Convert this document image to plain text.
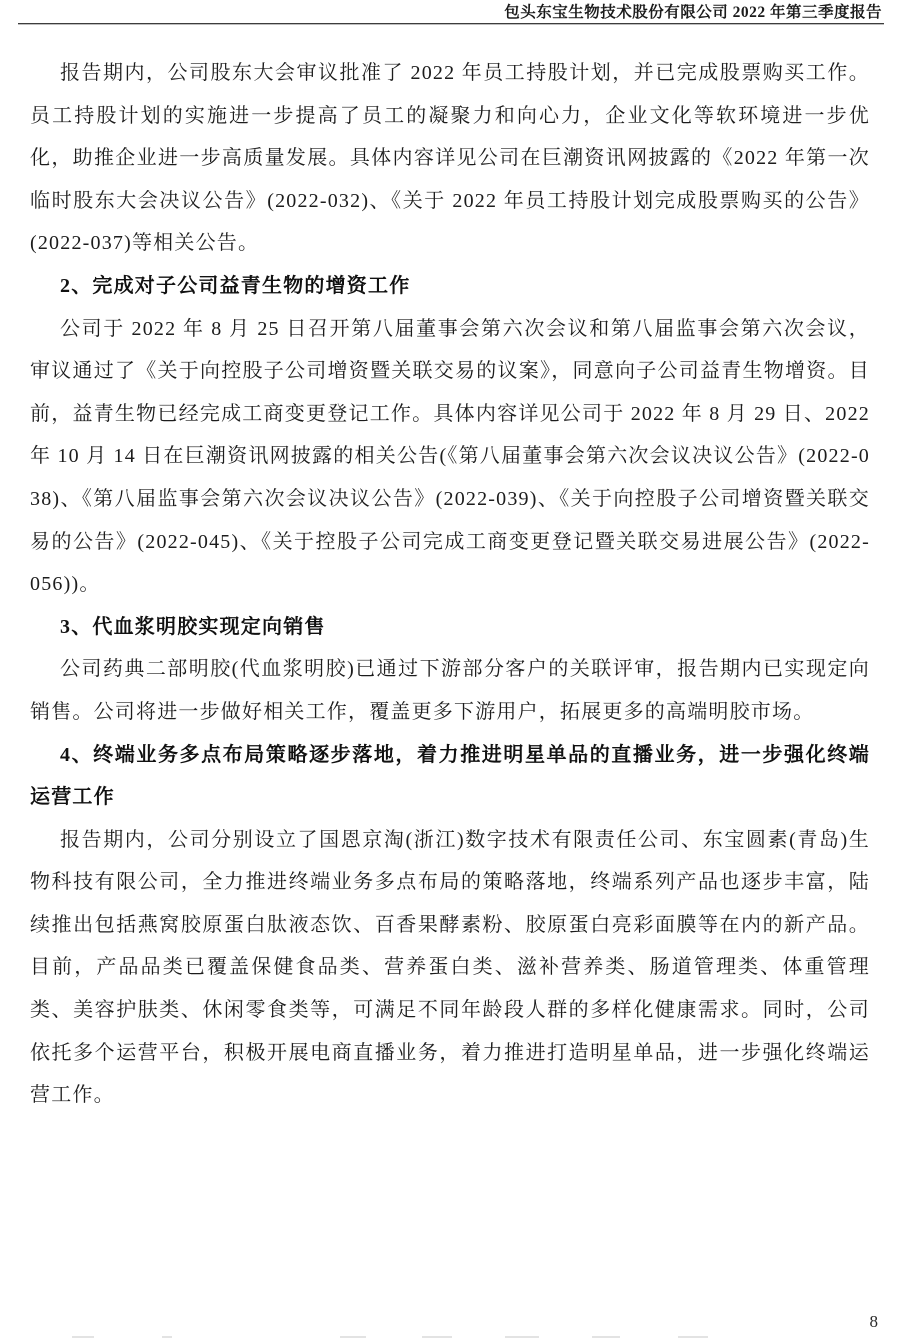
包头东宝生物技术股份有限公司 2022 年第三季度报告

报告期内，公司股东大会审议批准了 2022 年员工持股计划，并已完成股票购买工作。员工持股计划的实施进一步提高了员工的凝聚力和向心力，企业文化等软环境进一步优化，助推企业进一步高质量发展。具体内容详见公司在巨潮资讯网披露的《2022 年第一次临时股东大会决议公告》(2022-032)、《关于 2022 年员工持股计划完成股票购买的公告》(2022-037)等相关公告。

2、完成对子公司益青生物的增资工作

公司于 2022 年 8 月 25 日召开第八届董事会第六次会议和第八届监事会第六次会议，审议通过了《关于向控股子公司增资暨关联交易的议案》，同意向子公司益青生物增资。目前，益青生物已经完成工商变更登记工作。具体内容详见公司于 2022 年 8 月 29 日、2022 年 10 月 14 日在巨潮资讯网披露的相关公告(《第八届董事会第六次会议决议公告》(2022-038)、《第八届监事会第六次会议决议公告》(2022-039)、《关于向控股子公司增资暨关联交易的公告》(2022-045)、《关于控股子公司完成工商变更登记暨关联交易进展公告》(2022-056))。

3、代血浆明胶实现定向销售

公司药典二部明胶(代血浆明胶)已通过下游部分客户的关联评审，报告期内已实现定向销售。公司将进一步做好相关工作，覆盖更多下游用户，拓展更多的高端明胶市场。

4、终端业务多点布局策略逐步落地，着力推进明星单品的直播业务，进一步强化终端运营工作

报告期内，公司分别设立了国恩京淘(浙江)数字技术有限责任公司、东宝圆素(青岛)生物科技有限公司，全力推进终端业务多点布局的策略落地，终端系列产品也逐步丰富，陆续推出包括燕窝胶原蛋白肽液态饮、百香果酵素粉、胶原蛋白亮彩面膜等在内的新产品。目前，产品品类已覆盖保健食品类、营养蛋白类、滋补营养类、肠道管理类、体重管理类、美容护肤类、休闲零食类等，可满足不同年龄段人群的多样化健康需求。同时，公司依托多个运营平台，积极开展电商直播业务，着力推进打造明星单品，进一步强化终端运营工作。

8
